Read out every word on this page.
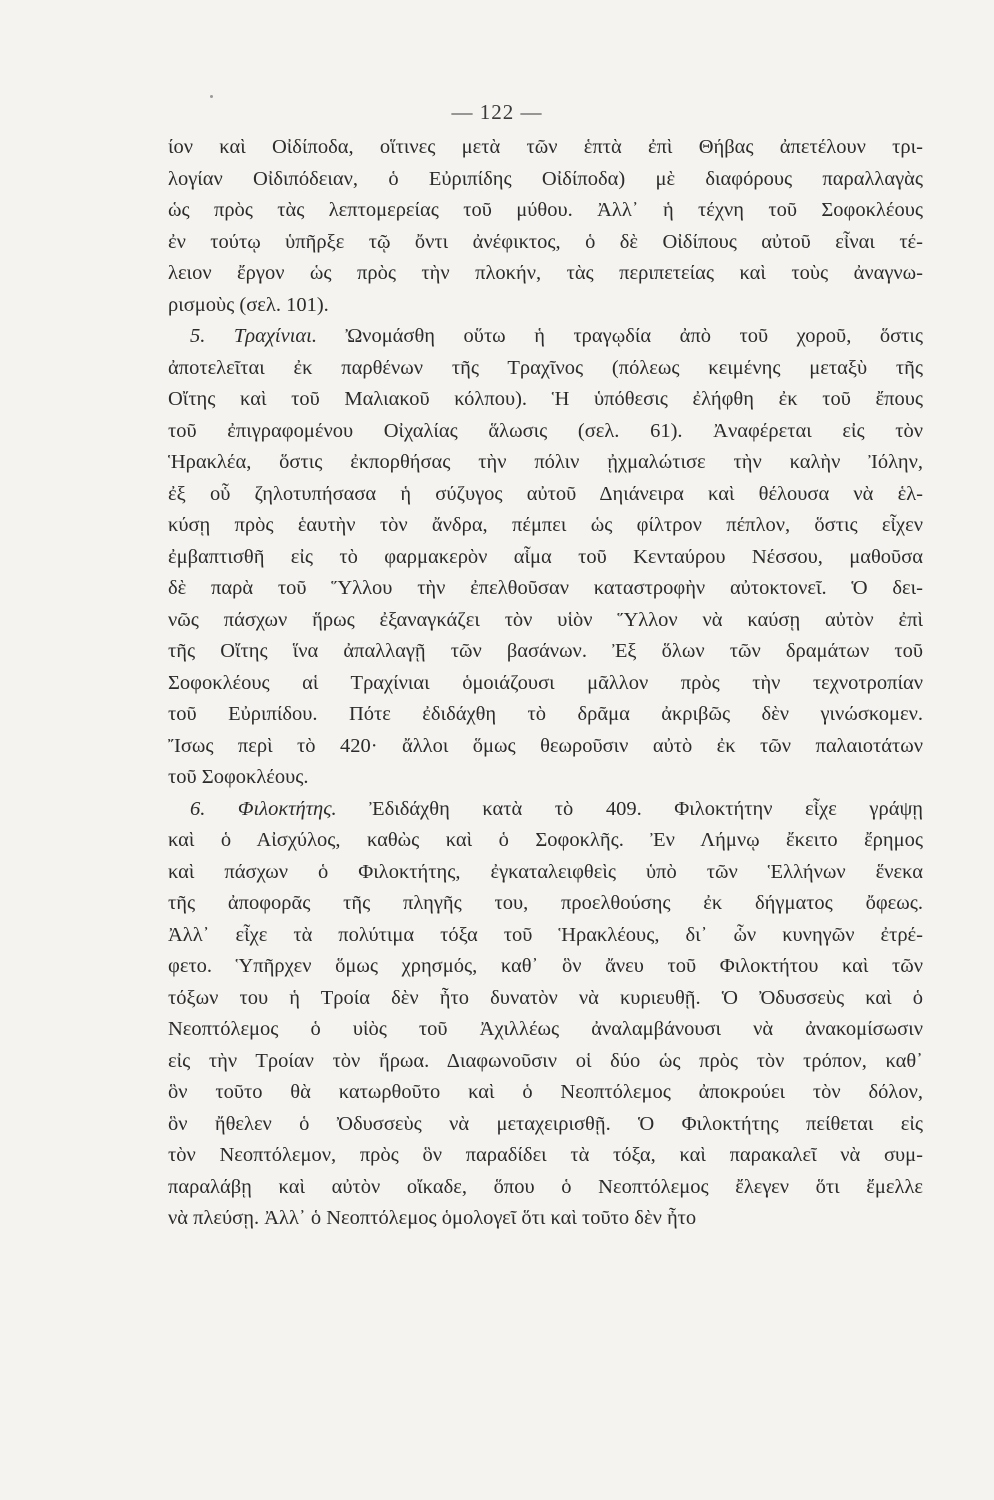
— 122 —
ίον καὶ Οἰδίποδα, οἵτινες μετὰ τῶν ἑπτὰ ἐπὶ Θήβας ἀπετέλουν τρι-
λογίαν Οἰδιπόδειαν, ὁ Εὐριπίδης Οἰδίποδα) μὲ διαφόρους παραλλαγὰς
ὡς πρὸς τὰς λεπτομερείας τοῦ μύθου. Ἀλλ᾽ ἡ τέχνη τοῦ Σοφοκλέους
ἐν τούτῳ ὑπῆρξε τῷ ὄντι ἀνέφικτος, ὁ δὲ Οἰδίπους αὐτοῦ εἶναι τέ-
λειον ἔργον ὡς πρὸς τὴν πλοκήν, τὰς περιπετείας καὶ τοὺς ἀναγνω-
ρισμοὺς (σελ. 101).
5. Τραχίνιαι. Ὠνομάσθη οὕτω ἡ τραγῳδία ἀπὸ τοῦ χοροῦ, ὅστις
ἀποτελεῖται ἐκ παρθένων τῆς Τραχῖνος (πόλεως κειμένης μεταξὺ τῆς
Οἴτης καὶ τοῦ Μαλιακοῦ κόλπου). Ἡ ὑπόθεσις ἐλήφθη ἐκ τοῦ ἔπους
τοῦ ἐπιγραφομένου Οἰχαλίας ἅλωσις (σελ. 61). Ἀναφέρεται εἰς τὸν
Ἡρακλέα, ὅστις ἐκπορθήσας τὴν πόλιν ᾐχμαλώτισε τὴν καλὴν Ἰόλην,
ἐξ οὗ ζηλοτυπήσασα ἡ σύζυγος αὐτοῦ Δηιάνειρα καὶ θέλουσα νὰ ἑλ-
κύσῃ πρὸς ἑαυτὴν τὸν ἄνδρα, πέμπει ὡς φίλτρον πέπλον, ὅστις εἶχεν
ἐμβαπτισθῆ εἰς τὸ φαρμακερὸν αἷμα τοῦ Κενταύρου Νέσσου, μαθοῦσα
δὲ παρὰ τοῦ Ὕλλου τὴν ἐπελθοῦσαν καταστροφὴν αὐτοκτονεῖ. Ὁ δει-
νῶς πάσχων ἥρως ἐξαναγκάζει τὸν υἱὸν Ὕλλον νὰ καύσῃ αὐτὸν ἐπὶ
τῆς Οἴτης ἵνα ἀπαλλαγῇ τῶν βασάνων. Ἐξ ὅλων τῶν δραμάτων τοῦ
Σοφοκλέους αἱ Τραχίνιαι ὁμοιάζουσι μᾶλλον πρὸς τὴν τεχνοτροπίαν
τοῦ Εὐριπίδου. Πότε ἐδιδάχθη τὸ δρᾶμα ἀκριβῶς δὲν γινώσκομεν.
Ἴσως περὶ τὸ 420· ἄλλοι ὅμως θεωροῦσιν αὐτὸ ἐκ τῶν παλαιοτάτων
τοῦ Σοφοκλέους.
6. Φιλοκτήτης. Ἐδιδάχθη κατὰ τὸ 409. Φιλοκτήτην εἶχε γράψῃ
καὶ ὁ Αἰσχύλος, καθὼς καὶ ὁ Σοφοκλῆς. Ἐν Λήμνῳ ἔκειτο ἔρημος
καὶ πάσχων ὁ Φιλοκτήτης, ἐγκαταλειφθεὶς ὑπὸ τῶν Ἑλλήνων ἕνεκα
τῆς ἀποφορᾶς τῆς πληγῆς του, προελθούσης ἐκ δήγματος ὄφεως.
Ἀλλ᾽ εἶχε τὰ πολύτιμα τόξα τοῦ Ἡρακλέους, δι᾽ ὧν κυνηγῶν ἐτρέ-
φετο. Ὑπῆρχεν ὅμως χρησμός, καθ᾽ ὃν ἄνευ τοῦ Φιλοκτήτου καὶ τῶν
τόξων του ἡ Τροία δὲν ἦτο δυνατὸν νὰ κυριευθῇ. Ὁ Ὀδυσσεὺς καὶ ὁ
Νεοπτόλεμος ὁ υἱὸς τοῦ Ἀχιλλέως ἀναλαμβάνουσι νὰ ἀνακομίσωσιν
εἰς τὴν Τροίαν τὸν ἥρωα. Διαφωνοῦσιν οἱ δύο ὡς πρὸς τὸν τρόπον, καθ᾽
ὃν τοῦτο θὰ κατωρθοῦτο καὶ ὁ Νεοπτόλεμος ἀποκρούει τὸν δόλον,
ὃν ἤθελεν ὁ Ὀδυσσεὺς νὰ μεταχειρισθῇ. Ὁ Φιλοκτήτης πείθεται εἰς
τὸν Νεοπτόλεμον, πρὸς ὃν παραδίδει τὰ τόξα, καὶ παρακαλεῖ νὰ συμ-
παραλάβῃ καὶ αὐτὸν οἴκαδε, ὅπου ὁ Νεοπτόλεμος ἔλεγεν ὅτι ἔμελλε
νὰ πλεύσῃ. Ἀλλ᾽ ὁ Νεοπτόλεμος ὁμολογεῖ ὅτι καὶ τοῦτο δὲν ἦτο
